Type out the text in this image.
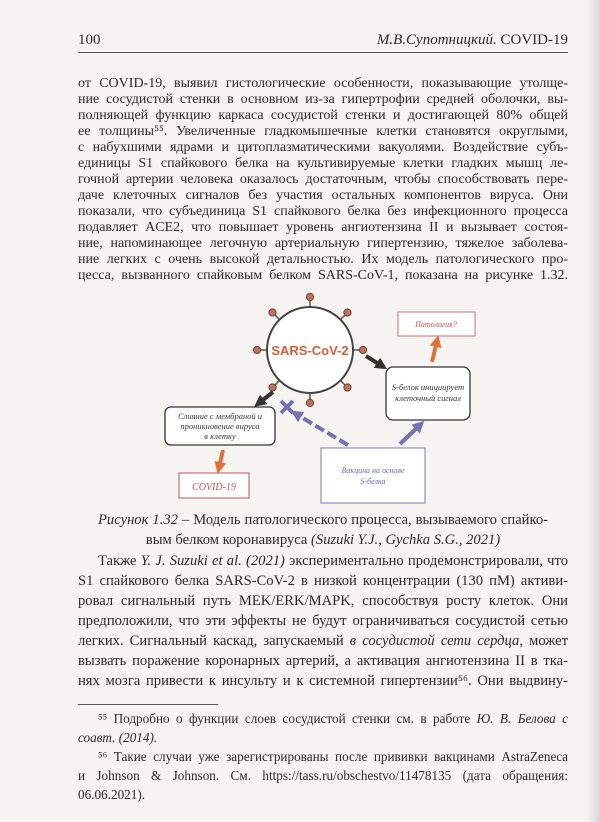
100	М.В.Супотницкий. COVID-19
от COVID-19, выявил гистологические особенности, показывающие утолще-
ние сосудистой стенки в основном из-за гипертрофии средней оболочки, вы-
полняющей функцию каркаса сосудистой стенки и достигающей 80% общей
ее толщины⁵⁵. Увеличенные гладкомышечные клетки становятся округлыми,
с набухшими ядрами и цитоплазматическими вакуолями. Воздействие субъ-
единицы S1 спайкового белка на культивируемые клетки гладких мышц ле-
гочной артерии человека оказалось достаточным, чтобы способствовать пере-
даче клеточных сигналов без участия остальных компонентов вируса. Они
показали, что субъединица S1 спайкового белка без инфекционного процесса
подавляет ACE2, что повышает уровень ангиотензина II и вызывает состоя-
ние, напоминающее легочную артериальную гипертензию, тяжелое заболева-
ние легких с очень высокой детальностью. Их модель патологического про-
цесса, вызванного спайковым белком SARS-CoV-1, показана на рисунке 1.32.
SARS-CoV-2
Патология?
S-белок инициирует
клеточный сигнал
Слияние с мембраной и
проникновение вируса
в клетку
COVID-19
Вакцина на основе
S-белка
Рисунок 1.32 – Модель патологического процесса, вызываемого спайко-
вым белком коронавируса (Suzuki Y.J., Gychka S.G., 2021)
Также Y. J. Suzuki et al. (2021) экспериментально продемонстрировали, что
S1 спайкового белка SARS-CoV-2 в низкой концентрации (130 пМ) активи-
ровал сигнальный путь MEK/ERK/MAPK, способствуя росту клеток. Они
предположили, что эти эффекты не будут ограничиваться сосудистой сетью
легких. Сигнальный каскад, запускаемый в сосудистой сети сердца, может
вызвать поражение коронарных артерий, а активация ангиотензина II в тка-
нях мозга привести к инсульту и к системной гипертензии⁵⁶. Они выдвину-
⁵⁵ Подробно о функции слоев сосудистой стенки см. в работе Ю. В. Белова с
соавт. (2014).
⁵⁶ Такие случаи уже зарегистрированы после прививки вакцинами AstraZeneca
и Johnson & Johnson. См. https://tass.ru/obschestvo/11478135 (дата обращения:
06.06.2021).
